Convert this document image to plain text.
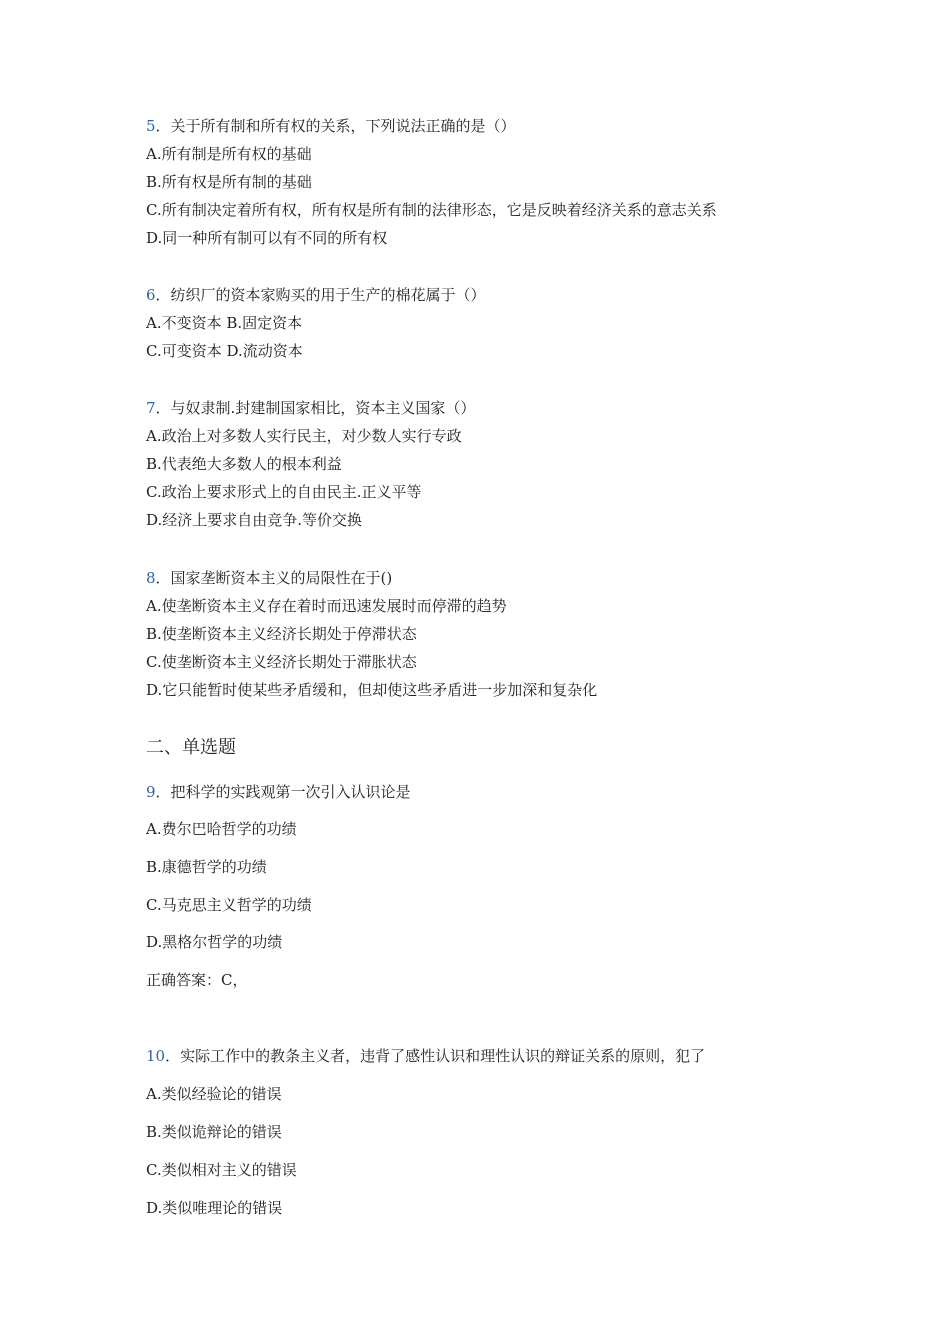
5．关于所有制和所有权的关系，下列说法正确的是（）
A.所有制是所有权的基础
B.所有权是所有制的基础
C.所有制决定着所有权，所有权是所有制的法律形态，它是反映着经济关系的意志关系
D.同一种所有制可以有不同的所有权
6．纺织厂的资本家购买的用于生产的棉花属于（）
A.不变资本 B.固定资本
C.可变资本 D.流动资本
7．与奴隶制.封建制国家相比，资本主义国家（）
A.政治上对多数人实行民主，对少数人实行专政
B.代表绝大多数人的根本利益
C.政治上要求形式上的自由民主.正义平等
D.经济上要求自由竞争.等价交换
8．国家垄断资本主义的局限性在于()
A.使垄断资本主义存在着时而迅速发展时而停滞的趋势
B.使垄断资本主义经济长期处于停滞状态
C.使垄断资本主义经济长期处于滞胀状态
D.它只能暂时使某些矛盾缓和，但却使这些矛盾进一步加深和复杂化
二、单选题
9．把科学的实践观第一次引入认识论是
A.费尔巴哈哲学的功绩
B.康德哲学的功绩
C.马克思主义哲学的功绩
D.黑格尔哲学的功绩
正确答案：C，
10．实际工作中的教条主义者，违背了感性认识和理性认识的辩证关系的原则，犯了
A.类似经验论的错误
B.类似诡辩论的错误
C.类似相对主义的错误
D.类似唯理论的错误
